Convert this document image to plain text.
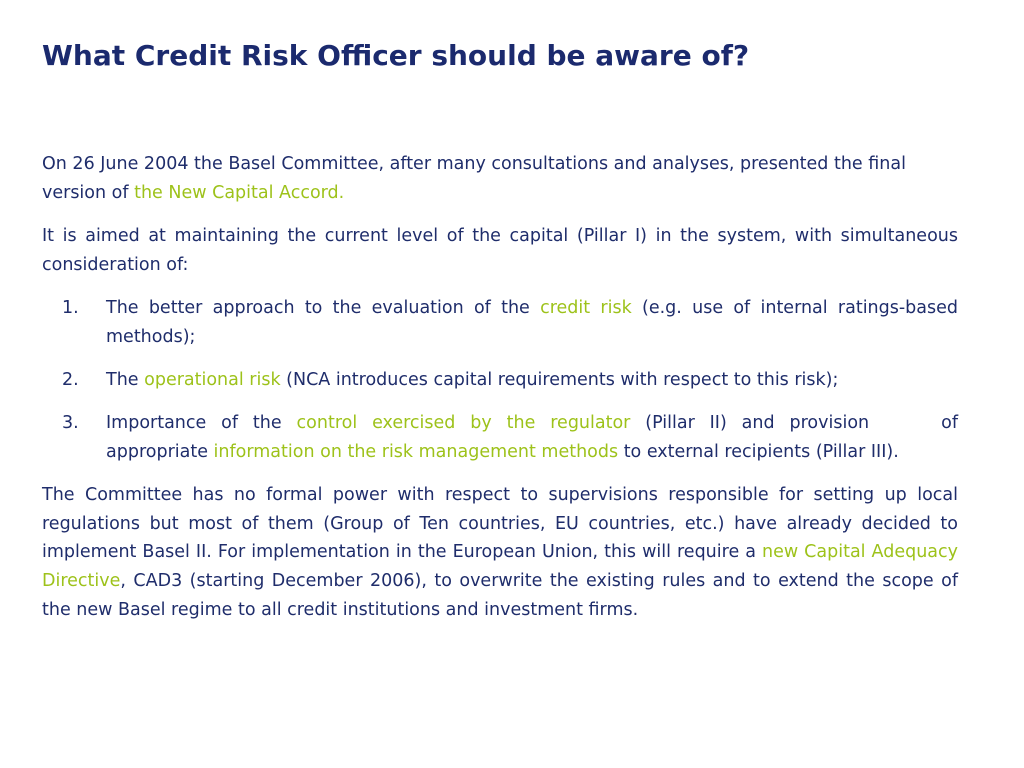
What Credit Risk Officer should be aware of?

On 26 June 2004 the Basel Committee, after many consultations and analyses, presented the final version of the New Capital Accord.

It is aimed at maintaining the current level of the capital (Pillar I) in the system, with simultaneous consideration of:

1. The better approach to the evaluation of the credit risk (e.g. use of internal ratings-based methods);
2. The operational risk (NCA introduces capital requirements with respect to this risk);
3. Importance of the control exercised by the regulator (Pillar II) and provision	of appropriate information on the risk management methods to external recipients (Pillar III).

The Committee has no formal power with respect to supervisions responsible for setting up local regulations but most of them (Group of Ten countries, EU countries, etc.) have already decided to implement Basel II. For implementation in the European Union, this will require a new Capital Adequacy Directive, CAD3 (starting December 2006), to overwrite the existing rules and to extend the scope of the new Basel regime to all credit institutions and investment firms.
